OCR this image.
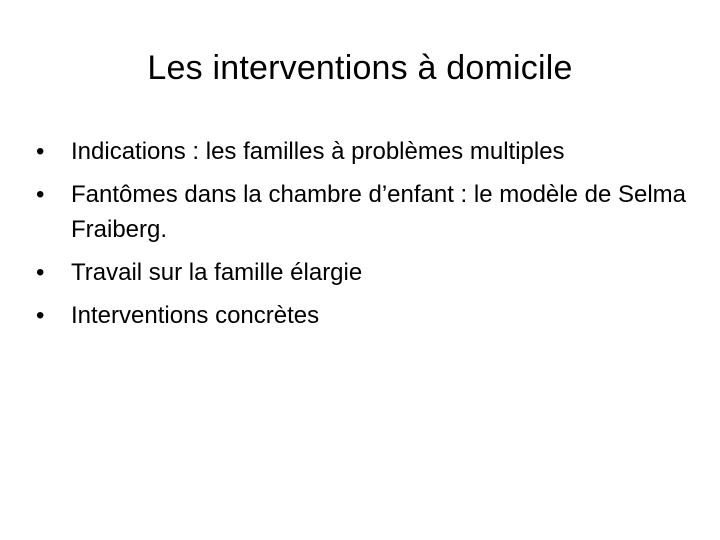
Les interventions à domicile
•	Indications : les familles à problèmes multiples
•	Fantômes dans la chambre d’enfant : le modèle de Selma Fraiberg.
•	Travail sur la famille élargie
•	Interventions concrètes
